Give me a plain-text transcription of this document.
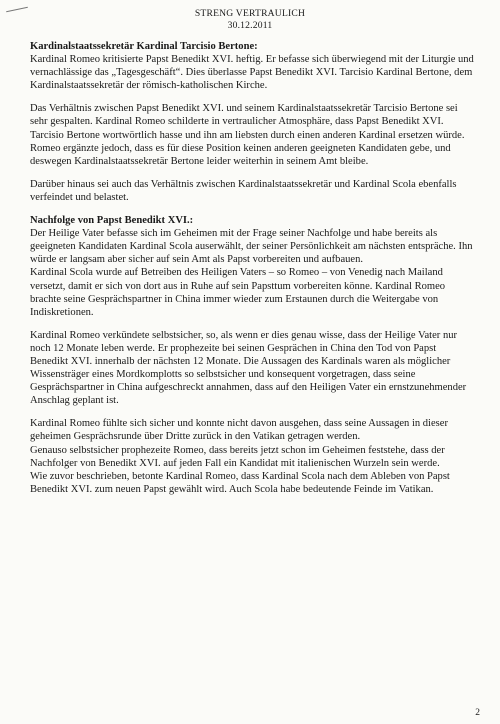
STRENG VERTRAULICH
30.12.2011

Kardinalstaatssekretär Kardinal Tarcisio Bertone:

Kardinal Romeo kritisierte Papst Benedikt XVI. heftig. Er befasse sich überwiegend mit der Liturgie und vernachlässige das „Tagesgeschäft“. Dies überlasse Papst Benedikt XVI. Tarcisio Kardinal Bertone, dem Kardinalstaatssekretär der römisch-katholischen Kirche.

Das Verhältnis zwischen Papst Benedikt XVI. und seinem Kardinalstaatssekretär Tarcisio Bertone sei sehr gespalten. Kardinal Romeo schilderte in vertraulicher Atmosphäre, dass Papst Benedikt XVI. Tarcisio Bertone wortwörtlich hasse und ihn am liebsten durch einen anderen Kardinal ersetzen würde. Romeo ergänzte jedoch, dass es für diese Position keinen anderen geeigneten Kandidaten gebe, und deswegen Kardinalstaatssekretär Bertone leider weiterhin in seinem Amt bleibe.

Darüber hinaus sei auch das Verhältnis zwischen Kardinalstaatssekretär und Kardinal Scola ebenfalls verfeindet und belastet.

Nachfolge von Papst Benedikt XVI.:

Der Heilige Vater befasse sich im Geheimen mit der Frage seiner Nachfolge und habe bereits als geeigneten Kandidaten Kardinal Scola auserwählt, der seiner Persönlichkeit am nächsten entspräche. Ihn würde er langsam aber sicher auf sein Amt als Papst vorbereiten und aufbauen.

Kardinal Scola wurde auf Betreiben des Heiligen Vaters – so Romeo – von Venedig nach Mailand versetzt, damit er sich von dort aus in Ruhe auf sein Papsttum vorbereiten könne. Kardinal Romeo brachte seine Gesprächspartner in China immer wieder zum Erstaunen durch die Weitergabe von Indiskretionen.

Kardinal Romeo verkündete selbstsicher, so, als wenn er dies genau wisse, dass der Heilige Vater nur noch 12 Monate leben werde. Er prophezeite bei seinen Gesprächen in China den Tod von Papst Benedikt XVI. innerhalb der nächsten 12 Monate. Die Aussagen des Kardinals waren als möglicher Wissensträger eines Mordkomplotts so selbstsicher und konsequent vorgetragen, dass seine Gesprächspartner in China aufgeschreckt annahmen, dass auf den Heiligen Vater ein ernstzunehmender Anschlag geplant ist.

Kardinal Romeo fühlte sich sicher und konnte nicht davon ausgehen, dass seine Aussagen in dieser geheimen Gesprächsrunde über Dritte zurück in den Vatikan getragen werden.

Genauso selbstsicher prophezeite Romeo, dass bereits jetzt schon im Geheimen feststehe, dass der Nachfolger von Benedikt XVI. auf jeden Fall ein Kandidat mit italienischen Wurzeln sein werde.

Wie zuvor beschrieben, betonte Kardinal Romeo, dass Kardinal Scola nach dem Ableben von Papst Benedikt XVI. zum neuen Papst gewählt wird. Auch Scola habe bedeutende Feinde im Vatikan.

2
